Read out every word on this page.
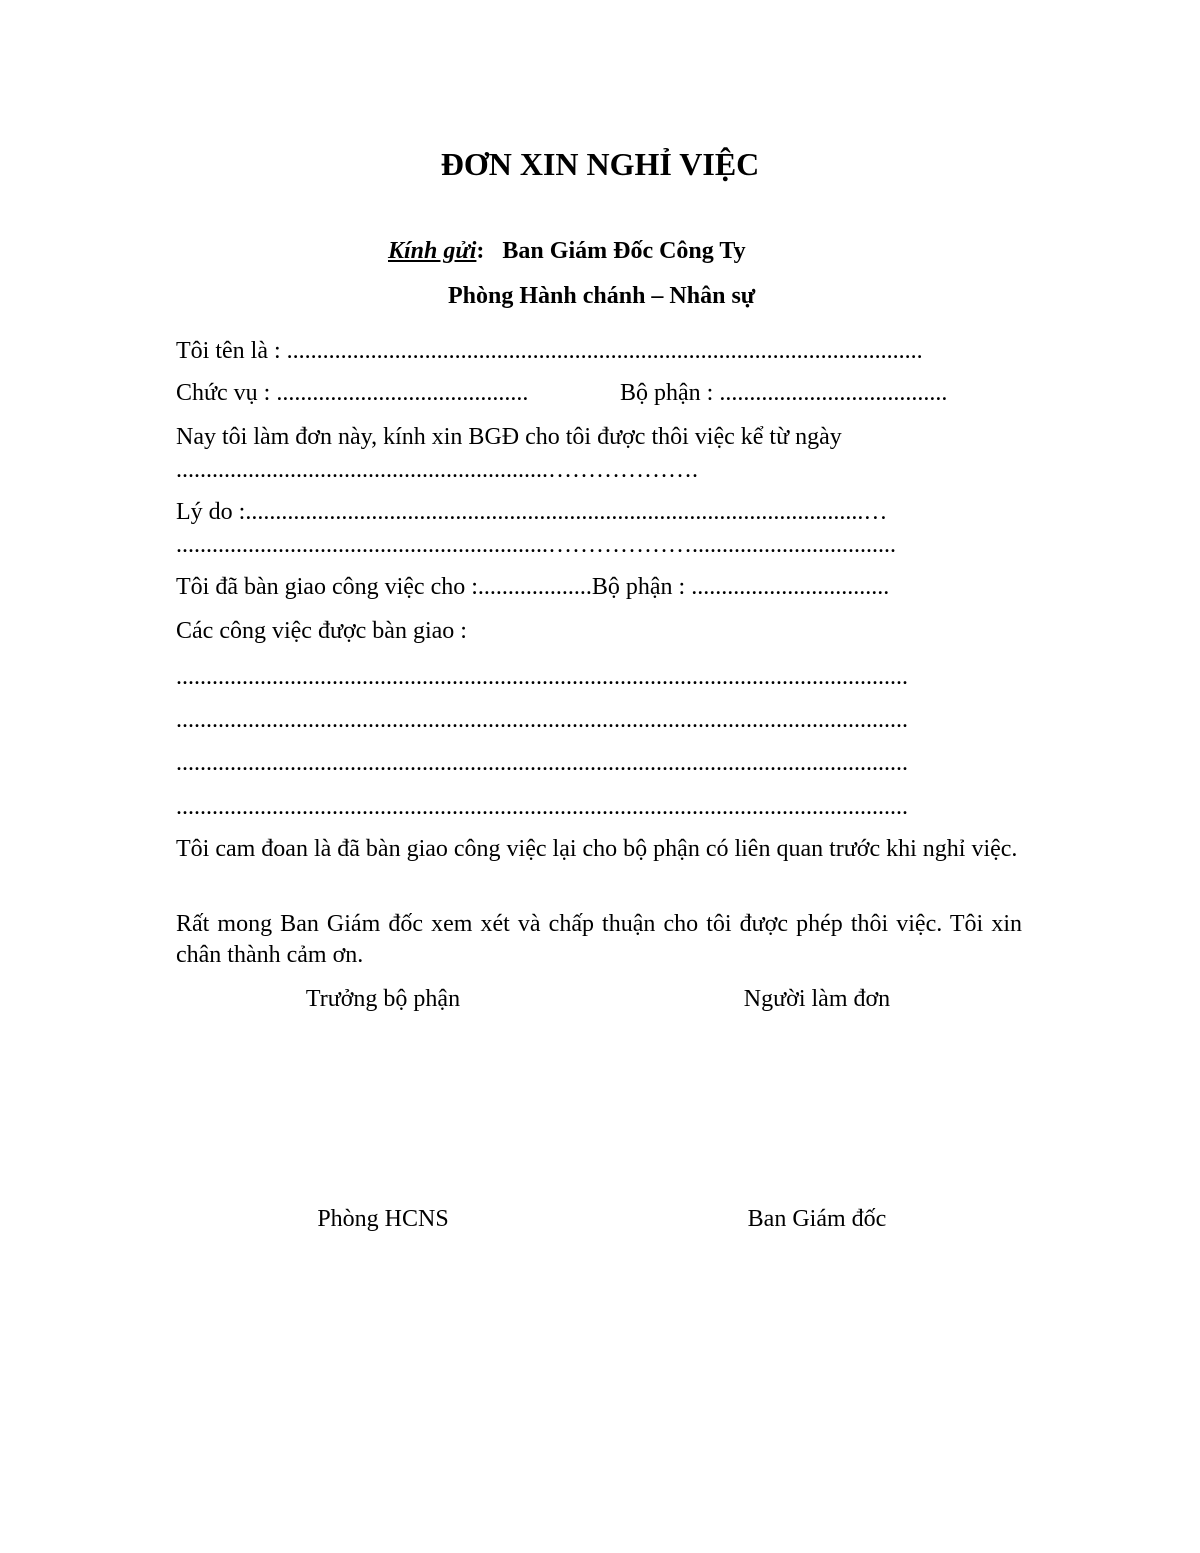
ĐƠN XIN NGHỈ VIỆC
Kính gửi: Ban Giám Đốc Công Ty
Phòng Hành chánh – Nhân sự
Tôi tên là : ..........................................................................................................
Chức vụ : ..........................................	Bộ phận : ......................................
Nay tôi làm đơn này, kính xin BGĐ cho tôi được thôi việc kể từ ngày
..............................................................……………….
Lý do :.......................................................................................................…
..............................................................………………..................................
Tôi đã bàn giao công việc cho :...................Bộ phận : .................................
Các công việc được bàn giao :
..........................................................................................................................
..........................................................................................................................
..........................................................................................................................
..........................................................................................................................
Tôi cam đoan là đã bàn giao công việc lại cho bộ phận có liên quan trước khi nghỉ việc.
Rất mong Ban Giám đốc xem xét và chấp thuận cho tôi được phép thôi việc. Tôi xin chân thành cảm ơn.
Trưởng bộ phận	Người làm đơn
Phòng HCNS	Ban Giám đốc
